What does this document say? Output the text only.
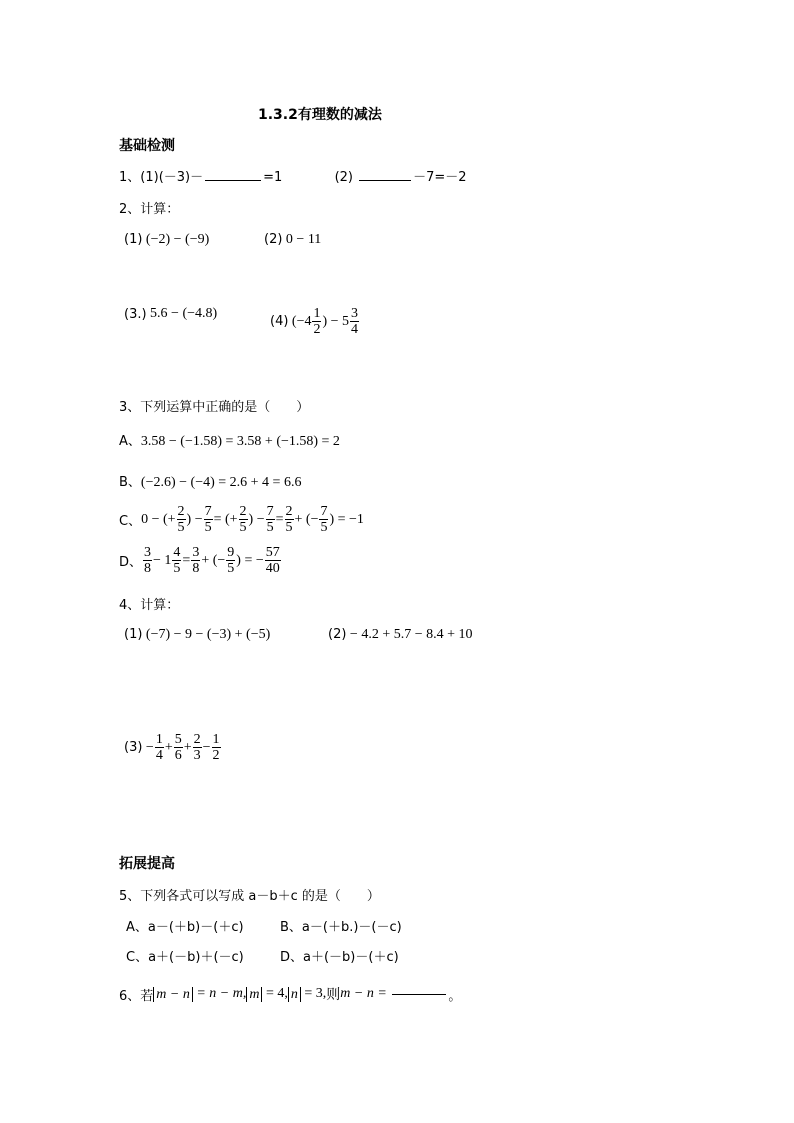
1.3.2有理数的减法
基础检测
1、(1)(－3)－	=1	(2)	－7=－2
2、计算：
(1) (−2) − (−9)	(2) 0 − 11
(3.)
5.6 − (−4.8)
(4)
($-4 \frac{1}{2}$ ) − $5 \frac{3}{4}$
3、下列运算中正确的是（　　）
A、3.58 − (−1.58) = 3.58 + (−1.58) = 2
B、(−2.6) − (−4) = 2.6 + 4 = 6.6
C、 0 − (+ $\frac{2}{5}$ ) − $\frac{7}{5}$ = (+ $\frac{2}{5}$ ) − $\frac{7}{5} = \frac{2}{5}$ + (− $\frac{7}{5}$ ) = −1
D、 $\frac{3}{8} - 1 \frac{4}{5} = \frac{3}{8}$ + (− $\frac{9}{5}$ ) = − $\frac{57}{40}$
4、计算：
(1) (−7) − 9 − (−3) + (−5)	(2) − 4.2 + 5.7 − 8.4 + 10
(3)
− $\frac{1}{4} + \frac{5}{6} + \frac{2}{3} - \frac{1}{2}$
拓展提高
5、下列各式可以写成 a－b＋c 的是（　　）
A、a－(＋b)－(＋c)	B、a－(＋b.)－(－c)
C、a＋(－b)＋(－c)	D、a＋(－b)－(＋c)
6、若 m − n
= n − m, m
= 4, n
= 3, 则 m − n =
	。
